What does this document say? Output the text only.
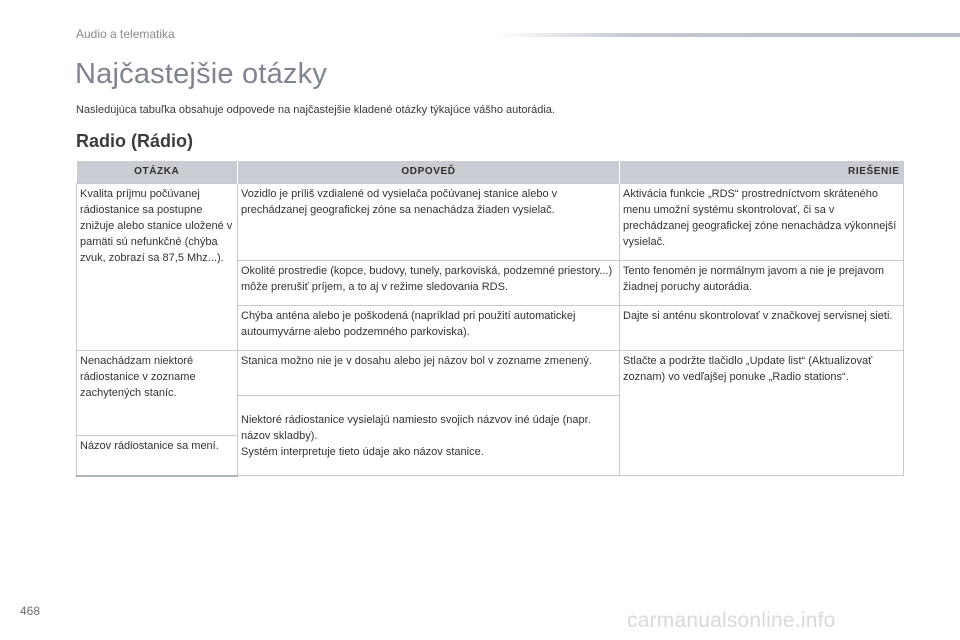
Audio a telematika
Najčastejšie otázky
Nasledujúca tabuľka obsahuje odpovede na najčastejšie kladené otázky týkajúce vášho autorádia.
Radio (Rádio)
OTÁZKA	ODPOVEĎ	RIEŠENIE
Kvalita príjmu počúvanej rádiostanice sa postupne znižuje alebo stanice uložené v pamäti sú nefunkčné (chýba zvuk, zobrazí sa 87,5 Mhz...).	Vozidlo je príliš vzdialené od vysielača počúvanej stanice alebo v prechádzanej geografickej zóne sa nenachádza žiaden vysielač.	Aktivácia funkcie „RDS“ prostredníctvom skráteného menu umožní systému skontrolovať, či sa v prechádzanej geografickej zóne nenachádza výkonnejší vysielač.
	Okolité prostredie (kopce, budovy, tunely, parkoviská, podzemné priestory...) môže prerušiť príjem, a to aj v režime sledovania RDS.	Tento fenomén je normálnym javom a nie je prejavom žiadnej poruchy autorádia.
	Chýba anténa alebo je poškodená (napríklad pri použití automatickej autoumyvárne alebo podzemného parkoviska).	Dajte si anténu skontrolovať v značkovej servisnej sieti.
Nenachádzam niektoré rádiostanice v zozname zachytených staníc.	Stanica možno nie je v dosahu alebo jej názov bol v zozname zmenený.	Stlačte a podržte tlačidlo „Update list“ (Aktualizovať zoznam) vo vedľajšej ponuke „Radio stations“.

	Niektoré rádiostanice vysielajú namiesto svojich názvov iné údaje (napr. názov skladby).
Systém interpretuje tieto údaje ako názov stanice.	

Názov rádiostanice sa mení.		
468	carmanualsonline.info
